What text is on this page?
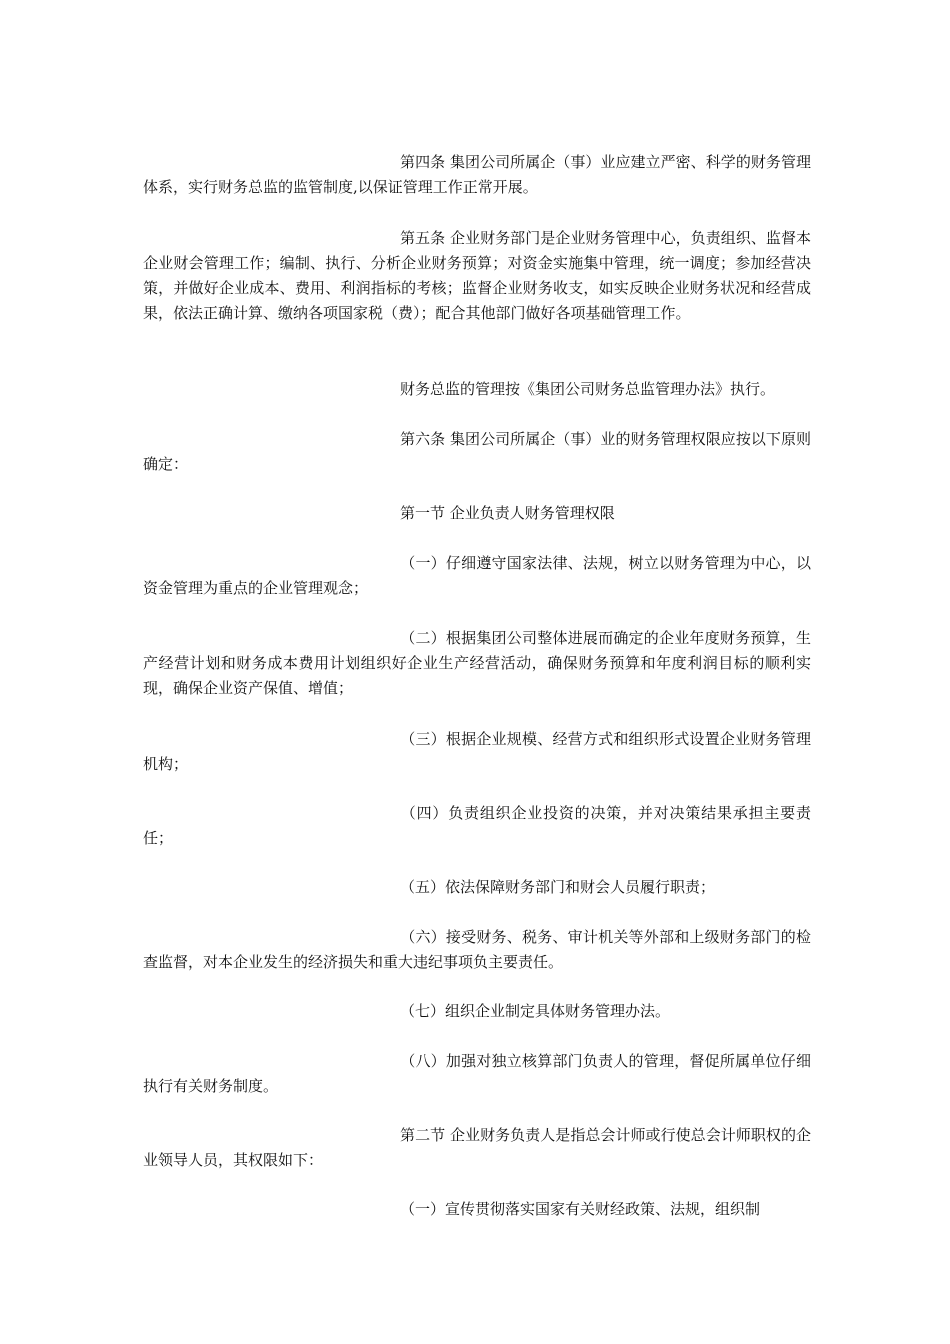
第四条 集团公司所属企（事）业应建立严密、科学的财务管理体系，实行财务总监的监管制度,以保证管理工作正常开展。

第五条 企业财务部门是企业财务管理中心，负责组织、监督本企业财会管理工作；编制、执行、分析企业财务预算；对资金实施集中管理，统一调度；参加经营决策，并做好企业成本、费用、利润指标的考核；监督企业财务收支，如实反映企业财务状况和经营成果，依法正确计算、缴纳各项国家税（费）；配合其他部门做好各项基础管理工作。

财务总监的管理按《集团公司财务总监管理办法》执行。

第六条 集团公司所属企（事）业的财务管理权限应按以下原则确定：

第一节 企业负责人财务管理权限

（一）仔细遵守国家法律、法规，树立以财务管理为中心，以资金管理为重点的企业管理观念；

（二）根据集团公司整体进展而确定的企业年度财务预算，生产经营计划和财务成本费用计划组织好企业生产经营活动，确保财务预算和年度利润目标的顺利实现，确保企业资产保值、增值；

（三）根据企业规模、经营方式和组织形式设置企业财务管理机构；

（四）负责组织企业投资的决策，并对决策结果承担主要责任；

（五）依法保障财务部门和财会人员履行职责；

（六）接受财务、税务、审计机关等外部和上级财务部门的检查监督，对本企业发生的经济损失和重大违纪事项负主要责任。

（七）组织企业制定具体财务管理办法。

（八）加强对独立核算部门负责人的管理，督促所属单位仔细执行有关财务制度。

第二节 企业财务负责人是指总会计师或行使总会计师职权的企业领导人员，其权限如下：

（一）宣传贯彻落实国家有关财经政策、法规，组织制
